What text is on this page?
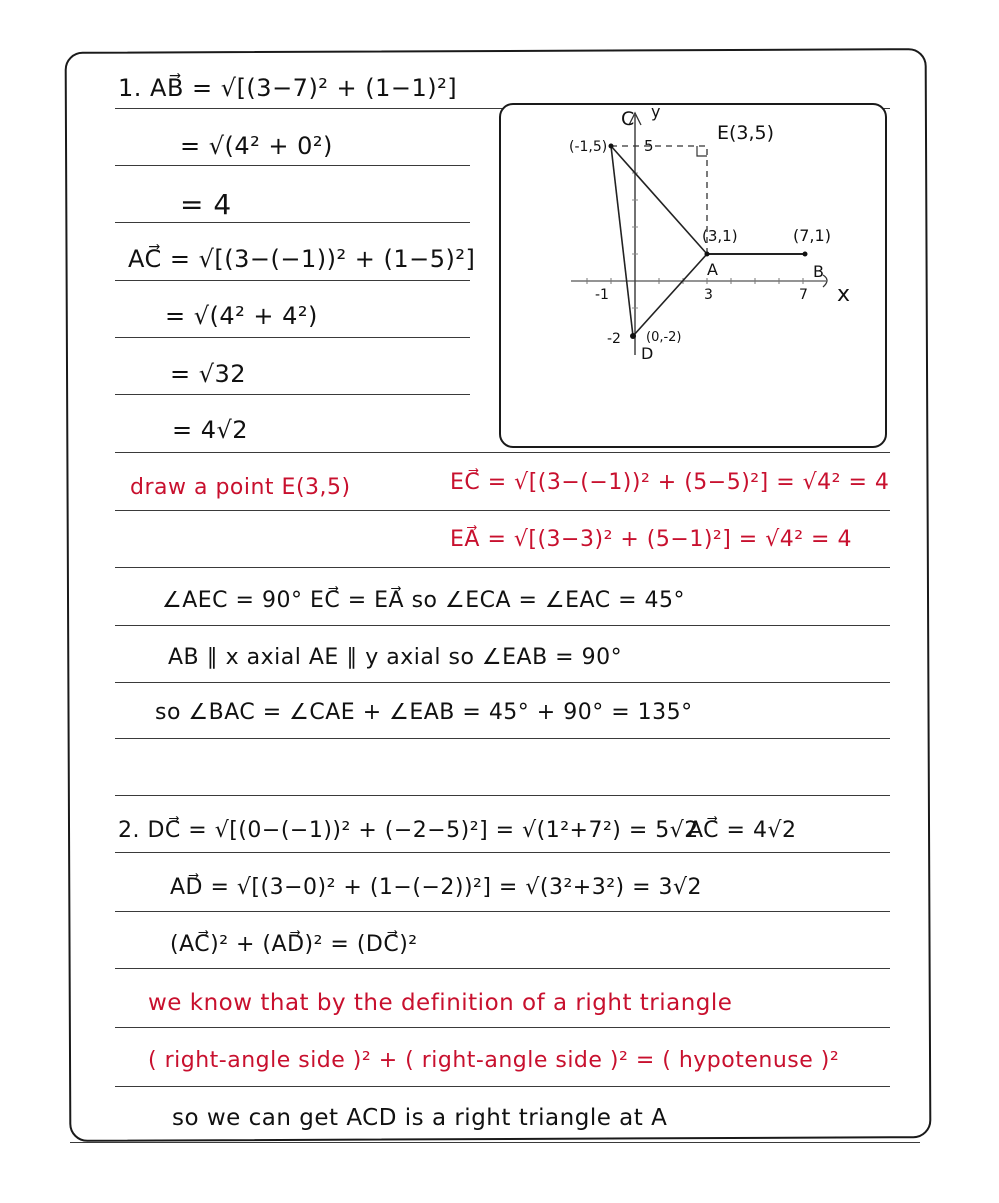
1. AB⃗ = √[(3−7)² + (1−1)²]
= √(4² + 0²)
= 4
AC⃗ = √[(3−(−1))² + (1−5)²]
= √(4² + 4²)
= √32
= 4√2
draw a point E(3,5)	EC⃗ = √[(3−(−1))² + (5−5)²] = √4² = 4
EA⃗ = √[(3−3)² + (5−1)²] = √4² = 4
∠AEC = 90° EC⃗ = EA⃗ so ∠ECA = ∠EAC = 45°
AB ∥ x axial AE ∥ y axial so ∠EAB = 90°
so ∠BAC = ∠CAE + ∠EAB = 45° + 90° = 135°
2. DC⃗ = √[(0−(−1))² + (−2−5)²] = √(1²+7²) = 5√2
AC⃗ = 4√2
AD⃗ = √[(3−0)² + (1−(−2))²] = √(3²+3²) = 3√2
(AC⃗)² + (AD⃗)² = (DC⃗)²
we know that by the definition of a right triangle
( right-angle side )² + ( right-angle side )² = ( hypotenuse )²
so we can get ACD is a right triangle at A
C
(-1,5)
y
5
E(3,5)
(3,1)	(7,1)
A	B
x
-1	3	7
-2 (0,-2)
D
